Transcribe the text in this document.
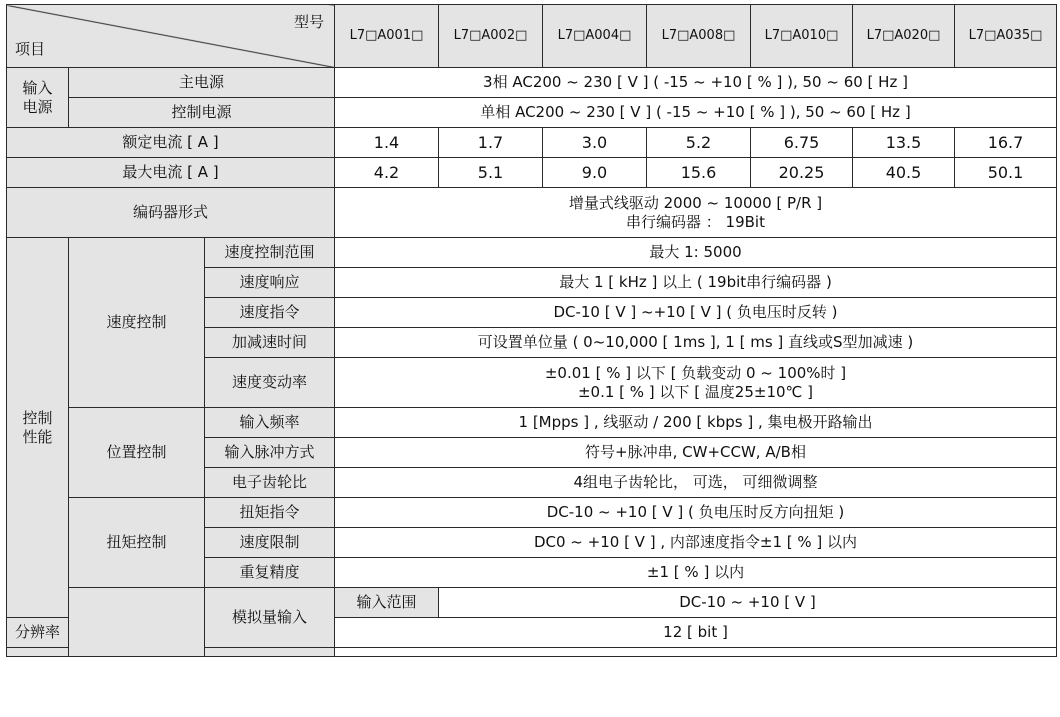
型号
项目			L7□A001□	L7□A002□	L7□A004□	L7□A008□	L7□A010□	L7□A020□	L7□A035□

输入
电源	主电源		3相 AC200 ~ 230 [ V ] ( -15 ~ +10 [ % ] ), 50 ~ 60 [ Hz ]						
	控制电源		单相 AC200 ~ 230 [ V ] ( -15 ~ +10 [ % ] ), 50 ~ 60 [ Hz ]						
额定电流 [ A ]			1.4	1.7	3.0	5.2	6.75	13.5	16.7
最大电流 [ A ]			4.2	5.1	9.0	15.6	20.25	40.5	50.1
编码器形式			增量式线驱动 2000 ~ 10000 [ P/R ]
串行编码器 ： 19Bit						

控制
性能	速度控制	速度控制范围	最大 1: 5000						
		速度响应	最大 1 [ kHz ] 以上 ( 19bit串行编码器 )						
		速度指令	DC-10 [ V ] ~+10 [ V ] ( 负电压时反转 )						
		加减速时间	可设置单位量 ( 0~10,000 [ 1ms ], 1 [ ms ] 直线或S型加减速 )						
		速度变动率	±0.01 [ % ] 以下 [ 负载变动 0 ~ 100%时 ]
±0.1 [ % ] 以下 [ 温度25±10℃ ]						

	位置控制	输入频率	1 [Mpps ] , 线驱动 / 200 [ kbps ] , 集电极开路输出						
		输入脉冲方式	符号+脉冲串, CW+CCW, A/B相						
		电子齿轮比	4组电子齿轮比， 可选， 可细微调整						
	扭矩控制	扭矩指令	DC-10 ~ +10 [ V ] ( 负电压时反方向扭矩 )						
		速度限制	DC0 ~ +10 [ V ] , 内部速度指令±1 [ % ] 以内						
		重复精度	±1 [ % ] 以内						
		模拟量输入	输入范围	DC-10 ~ +10 [ V ]					
分辨率			12 [ bit ]						
